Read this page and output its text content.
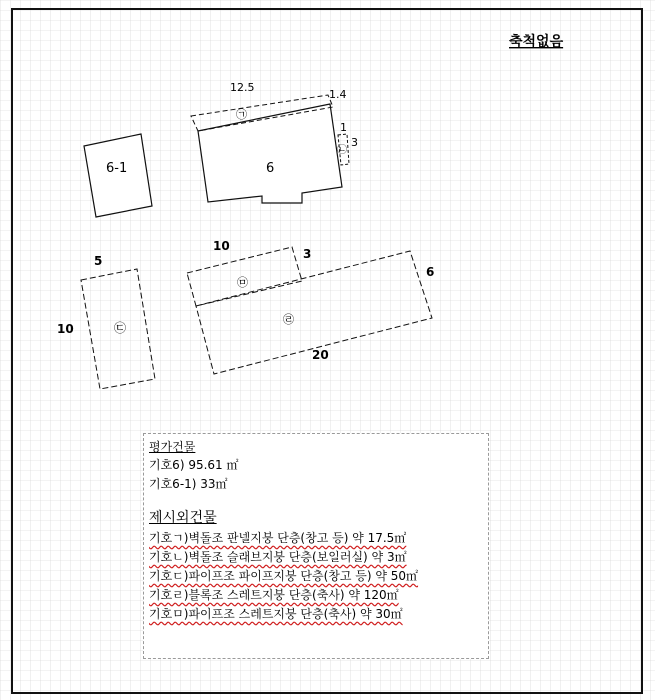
축척없음
6
㉠
12.5
1.4
㉡
1
3
6-1
㉢
5
10
㉤
10
3
㉣
20
6
평가건물
기호6) 95.61 ㎡
기호6-1) 33㎡
제시외건물
기호ㄱ)벽돌조 판넬지붕 단층(창고 등) 약 17.5㎡
기호ㄴ)벽돌조 슬래브지붕 단층(보일러실) 약 3㎡
기호ㄷ)파이프조 파이프지붕 단층(창고 등) 약 50㎡
기호ㄹ)블록조 스레트지붕 단층(축사) 약 120㎡
기호ㅁ)파이프조 스레트지붕 단층(축사) 약 30㎡
